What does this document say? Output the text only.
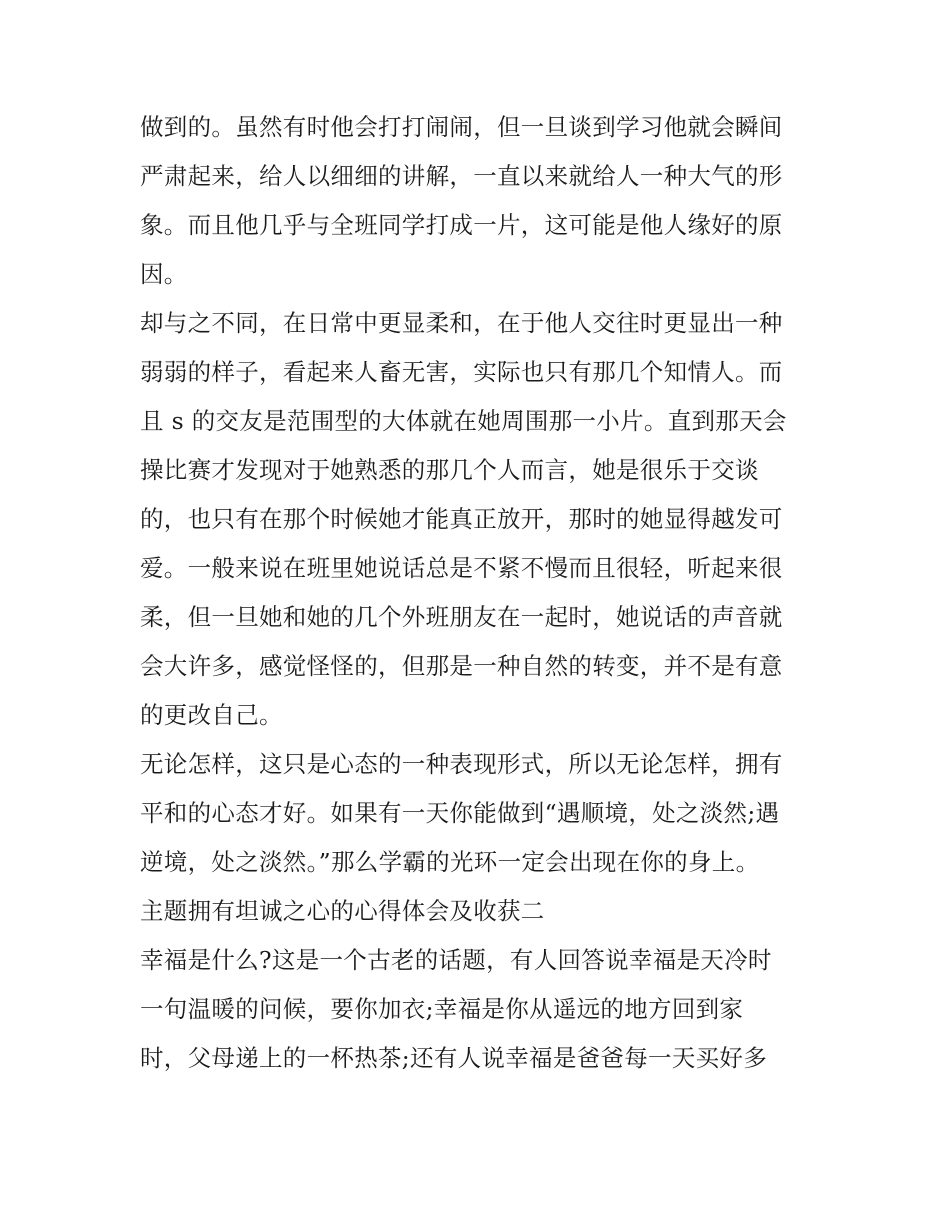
做到的。虽然有时他会打打闹闹，但一旦谈到学习他就会瞬间
严肃起来，给人以细细的讲解，一直以来就给人一种大气的形
象。而且他几乎与全班同学打成一片，这可能是他人缘好的原
因。
却与之不同，在日常中更显柔和，在于他人交往时更显出一种
弱弱的样子，看起来人畜无害，实际也只有那几个知情人。而
且 s 的交友是范围型的大体就在她周围那一小片。直到那天会
操比赛才发现对于她熟悉的那几个人而言，她是很乐于交谈
的，也只有在那个时候她才能真正放开，那时的她显得越发可
爱。一般来说在班里她说话总是不紧不慢而且很轻，听起来很
柔，但一旦她和她的几个外班朋友在一起时，她说话的声音就
会大许多，感觉怪怪的，但那是一种自然的转变，并不是有意
的更改自己。
无论怎样，这只是心态的一种表现形式，所以无论怎样，拥有
平和的心态才好。如果有一天你能做到“遇顺境，处之淡然;遇
逆境，处之淡然。”那么学霸的光环一定会出现在你的身上。
主题拥有坦诚之心的心得体会及收获二
幸福是什么?这是一个古老的话题，有人回答说幸福是天冷时
一句温暖的问候，要你加衣;幸福是你从遥远的地方回到家
时，父母递上的一杯热茶;还有人说幸福是爸爸每一天买好多
